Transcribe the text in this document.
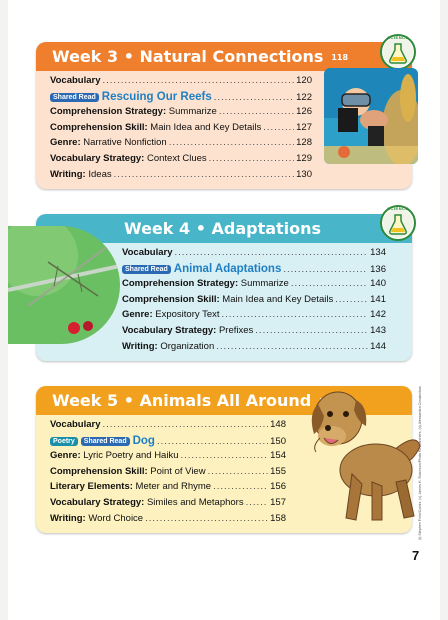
Week 3 • Natural Connections 118
Vocabulary .....	120
Shared Read Rescuing Our Reefs .....	122
Comprehension Strategy: Summarize .....	126
Comprehension Skill: Main Idea and Key Details .....	127
Genre: Narrative Nonfiction .....	128
Vocabulary Strategy: Context Clues .....	129
Writing: Ideas .....	130
SCIENCE
Week 4 • Adaptations
Vocabulary .....	134
Shared Read Animal Adaptations .....	136
Comprehension Strategy: Summarize .....	140
Comprehension Skill: Main Idea and Key Details .....	141
Genre: Expository Text .....	142
Vocabulary Strategy: Prefixes .....	143
Writing: Organization .....	144
SCIENCE
Week 5 • Animals All Around
Vocabulary .....	148
Poetry Shared Read Dog .....	150
Genre: Lyric Poetry and Haiku .....	154
Comprehension Skill: Point of View .....	155
Literary Elements: Meter and Rhyme .....	156
Vocabulary Strategy: Similes and Metaphors .....	157
Writing: Word Choice .....	158	(t) Stephen Frink/Corbis; (c) James H. Robinson/Photo Researchers; (b) Alessandra Cimatoribus
7
